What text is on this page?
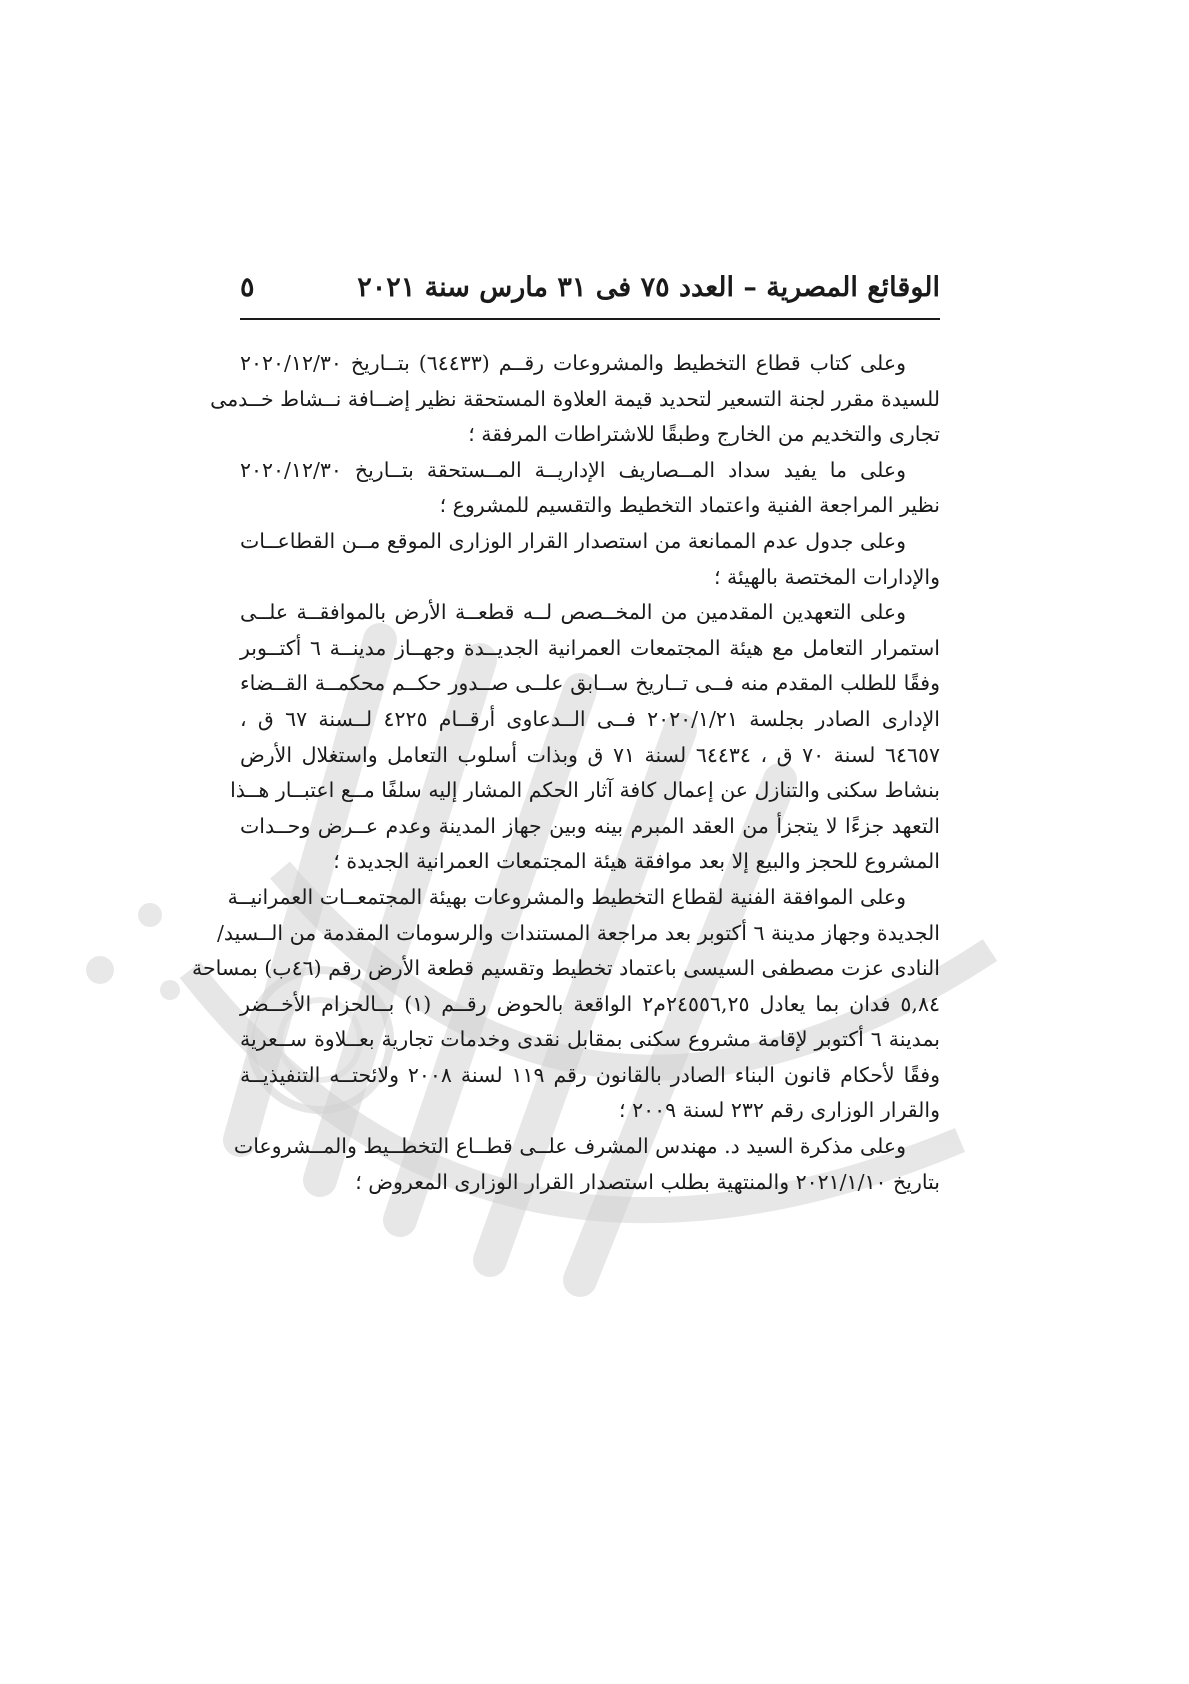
الوقائع المصرية – العدد ٧٥ فى ٣١ مارس سنة ٢٠٢١
٥

وعلى كتاب قطاع التخطيط والمشروعات رقــم (٦٤٤٣٣) بتــاريخ ٢٠٢٠/١٢/٣٠
للسيدة مقرر لجنة التسعير لتحديد قيمة العلاوة المستحقة نظير إضــافة نــشاط خــدمى
تجارى والتخديم من الخارج وطبقًا للاشتراطات المرفقة ؛

وعلى ما يفيد سداد المــصاريف الإداريــة المــستحقة بتــاريخ ٢٠٢٠/١٢/٣٠
نظير المراجعة الفنية واعتماد التخطيط والتقسيم للمشروع ؛

وعلى جدول عدم الممانعة من استصدار القرار الوزارى الموقع مــن القطاعــات
والإدارات المختصة بالهيئة ؛

وعلى التعهدين المقدمين من المخــصص لــه قطعــة الأرض بالموافقــة علــى
استمرار التعامل مع هيئة المجتمعات العمرانية الجديــدة وجهــاز مدينــة ٦ أكتــوبر
وفقًا للطلب المقدم منه فــى تــاريخ ســابق علــى صــدور حكــم محكمــة القــضاء
الإدارى الصادر بجلسة ٢٠٢٠/١/٢١ فــى الــدعاوى أرقــام ٤٢٢٥ لــسنة ٦٧ ق ،
٦٤٦٥٧ لسنة ٧٠ ق ، ٦٤٤٣٤ لسنة ٧١ ق وبذات أسلوب التعامل واستغلال الأرض
بنشاط سكنى والتنازل عن إعمال كافة آثار الحكم المشار إليه سلفًا مــع اعتبــار هــذا
التعهد جزءًا لا يتجزأ من العقد المبرم بينه وبين جهاز المدينة وعدم عــرض وحــدات
المشروع للحجز والبيع إلا بعد موافقة هيئة المجتمعات العمرانية الجديدة ؛

وعلى الموافقة الفنية لقطاع التخطيط والمشروعات بهيئة المجتمعــات العمرانيــة
الجديدة وجهاز مدينة ٦ أكتوبر بعد مراجعة المستندات والرسومات المقدمة من الــسيد/
النادى عزت مصطفى السيسى باعتماد تخطيط وتقسيم قطعة الأرض رقم (٤٦ب) بمساحة
٥,٨٤ فدان بما يعادل ٢٤٥٥٦,٢٥م٢ الواقعة بالحوض رقــم (١) بــالحزام الأخــضر
بمدينة ٦ أكتوبر لإقامة مشروع سكنى بمقابل نقدى وخدمات تجارية بعــلاوة ســعرية
وفقًا لأحكام قانون البناء الصادر بالقانون رقم ١١٩ لسنة ٢٠٠٨ ولائحتــه التنفيذيــة
والقرار الوزارى رقم ٢٣٢ لسنة ٢٠٠٩ ؛

وعلى مذكرة السيد د. مهندس المشرف علــى قطــاع التخطــيط والمــشروعات
بتاريخ ٢٠٢١/١/١٠ والمنتهية بطلب استصدار القرار الوزارى المعروض ؛
